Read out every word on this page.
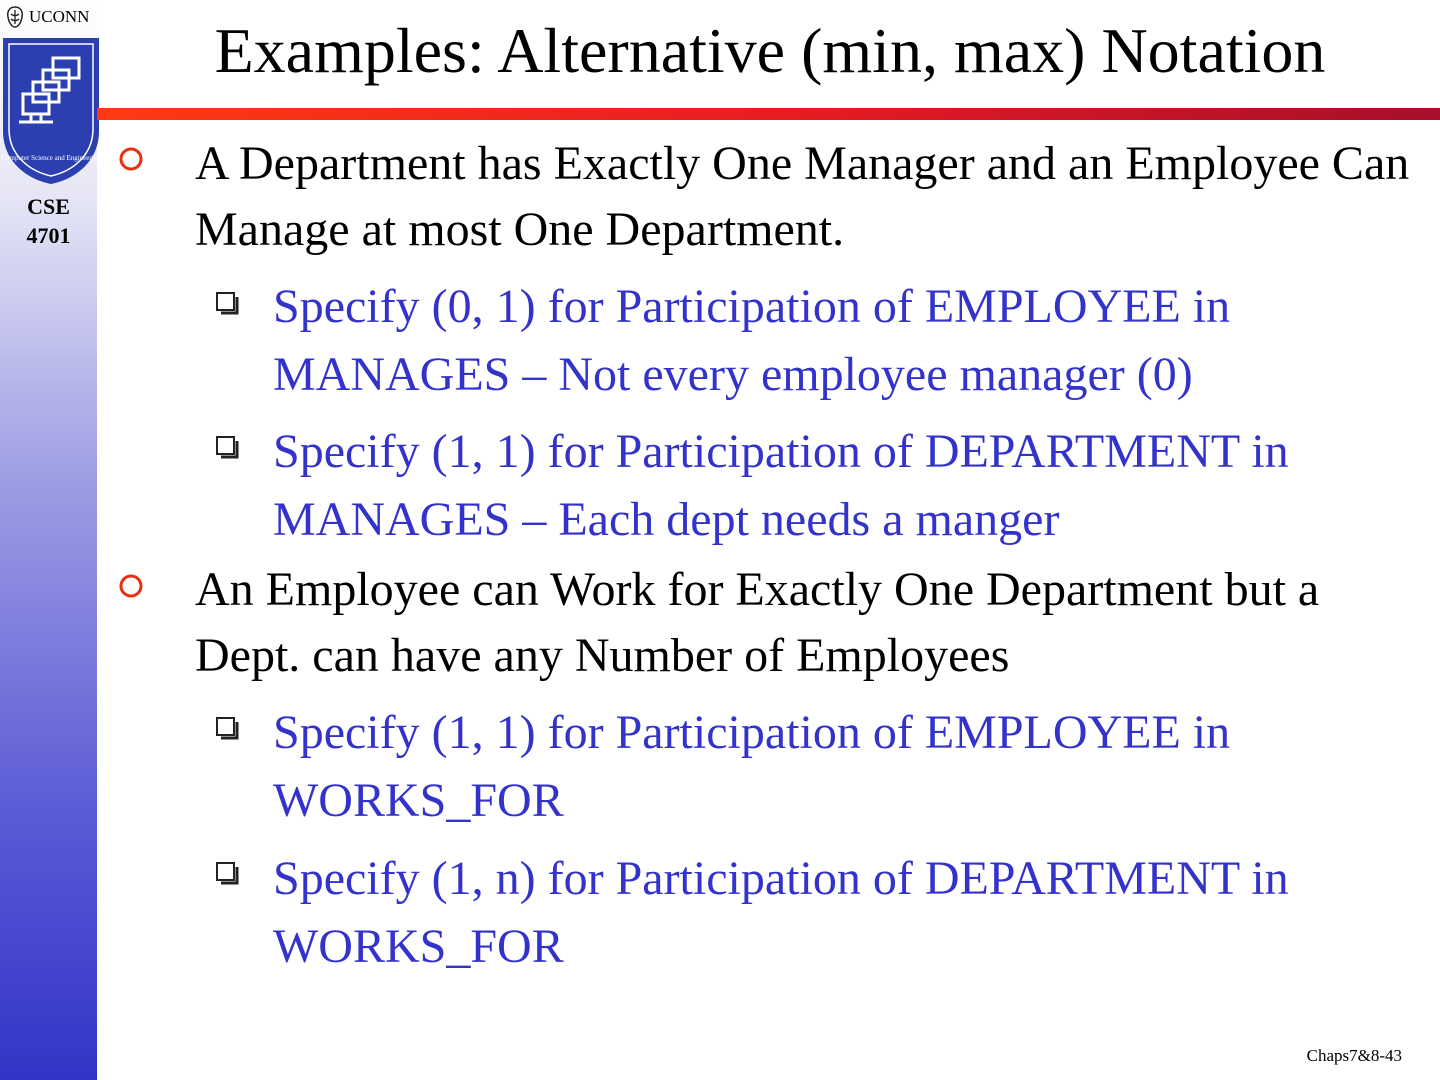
UCONN
Computer Science and Engineering
CSE
4701
Examples: Alternative (min, max) Notation
A Department has Exactly One Manager and an Employee Can Manage at most One Department.
Specify (0, 1) for Participation of EMPLOYEE in MANAGES – Not every employee manager (0)
Specify (1, 1) for Participation of DEPARTMENT in MANAGES – Each dept needs a manger
An Employee can Work for Exactly One Department but a Dept. can have any Number of Employees
Specify (1, 1) for Participation of EMPLOYEE in WORKS_FOR
Specify (1, n) for Participation of DEPARTMENT in WORKS_FOR
Chaps7&8-43
